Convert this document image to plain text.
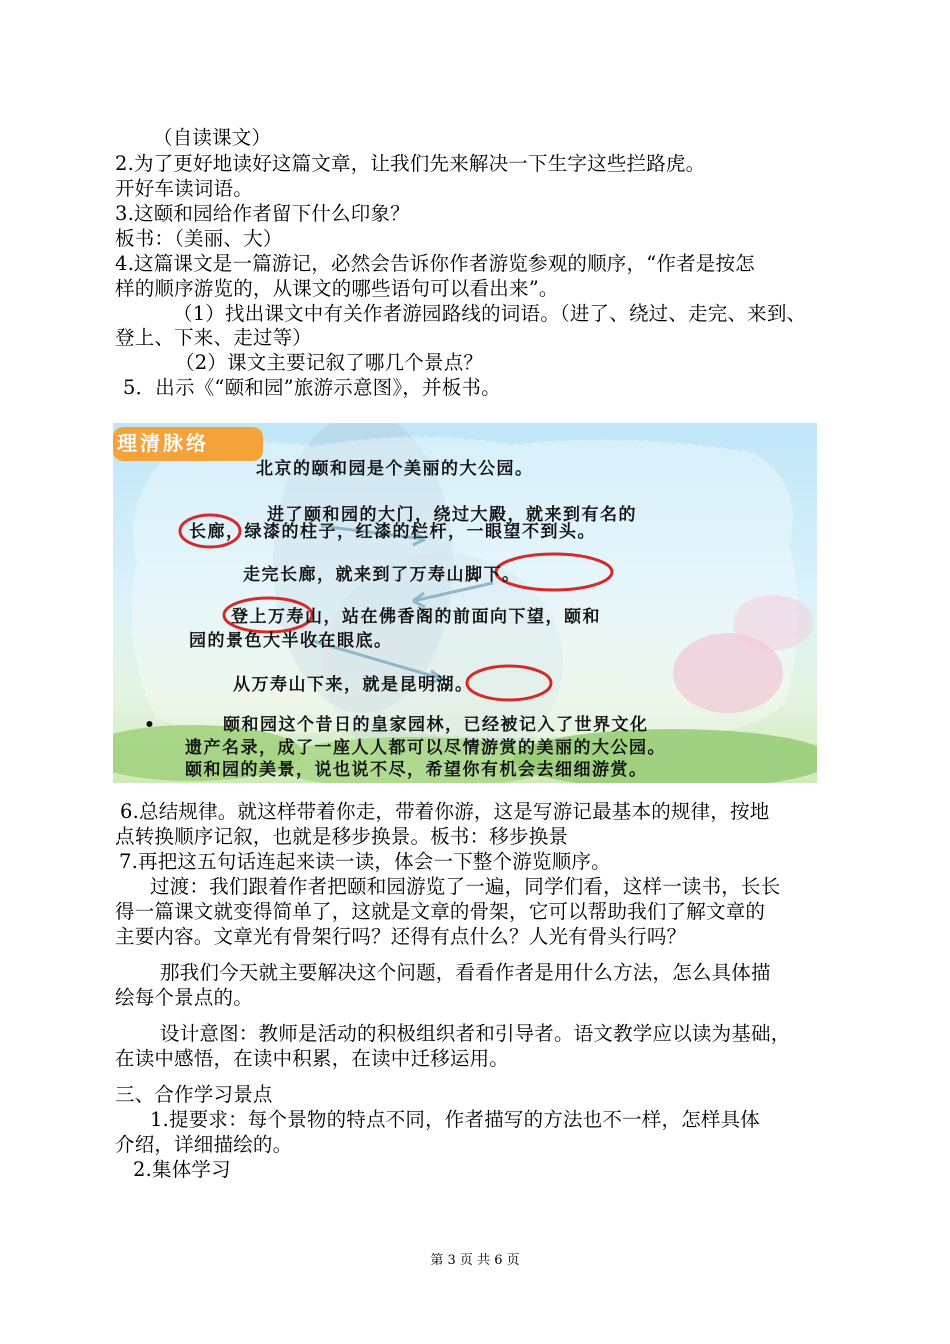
（自读课文）
2.为了更好地读好这篇文章，让我们先来解决一下生字这些拦路虎。
开好车读词语。
3.这颐和园给作者留下什么印象？
板书：（美丽、大）
4.这篇课文是一篇游记，必然会告诉你作者游览参观的顺序，“作者是按怎
样的顺序游览的，从课文的哪些语句可以看出来”。
（1）找出课文中有关作者游园路线的词语。（进了、绕过、走完、来到、
登上、下来、走过等）
（2）课文主要记叙了哪几个景点？
5．出示《“颐和园”旅游示意图》，并板书。
理清脉络
北京的颐和园是个美丽的大公园。
进了颐和园的大门，绕过大殿，就来到有名的
长廊，绿漆的柱子，红漆的栏杆，一眼望不到头。
走完长廊，就来到了万寿山脚下。
登上万寿山，站在佛香阁的前面向下望，颐和
园的景色大半收在眼底。
从万寿山下来，就是昆明湖。
•	颐和园这个昔日的皇家园林，已经被记入了世界文化
遗产名录，成了一座人人都可以尽情游赏的美丽的大公园。
颐和园的美景，说也说不尽，希望你有机会去细细游赏。
6.总结规律。就这样带着你走，带着你游，这是写游记最基本的规律，按地
点转换顺序记叙，也就是移步换景。板书：移步换景
7.再把这五句话连起来读一读，体会一下整个游览顺序。
过渡：我们跟着作者把颐和园游览了一遍，同学们看，这样一读书，长长
得一篇课文就变得简单了，这就是文章的骨架，它可以帮助我们了解文章的
主要内容。文章光有骨架行吗？还得有点什么？人光有骨头行吗？
那我们今天就主要解决这个问题，看看作者是用什么方法，怎么具体描
绘每个景点的。
设计意图：教师是活动的积极组织者和引导者。语文教学应以读为基础，
在读中感悟，在读中积累，在读中迁移运用。
三、合作学习景点
1.提要求：每个景物的特点不同，作者描写的方法也不一样，怎样具体
介绍，详细描绘的。
2.集体学习
第 3 页 共 6 页
